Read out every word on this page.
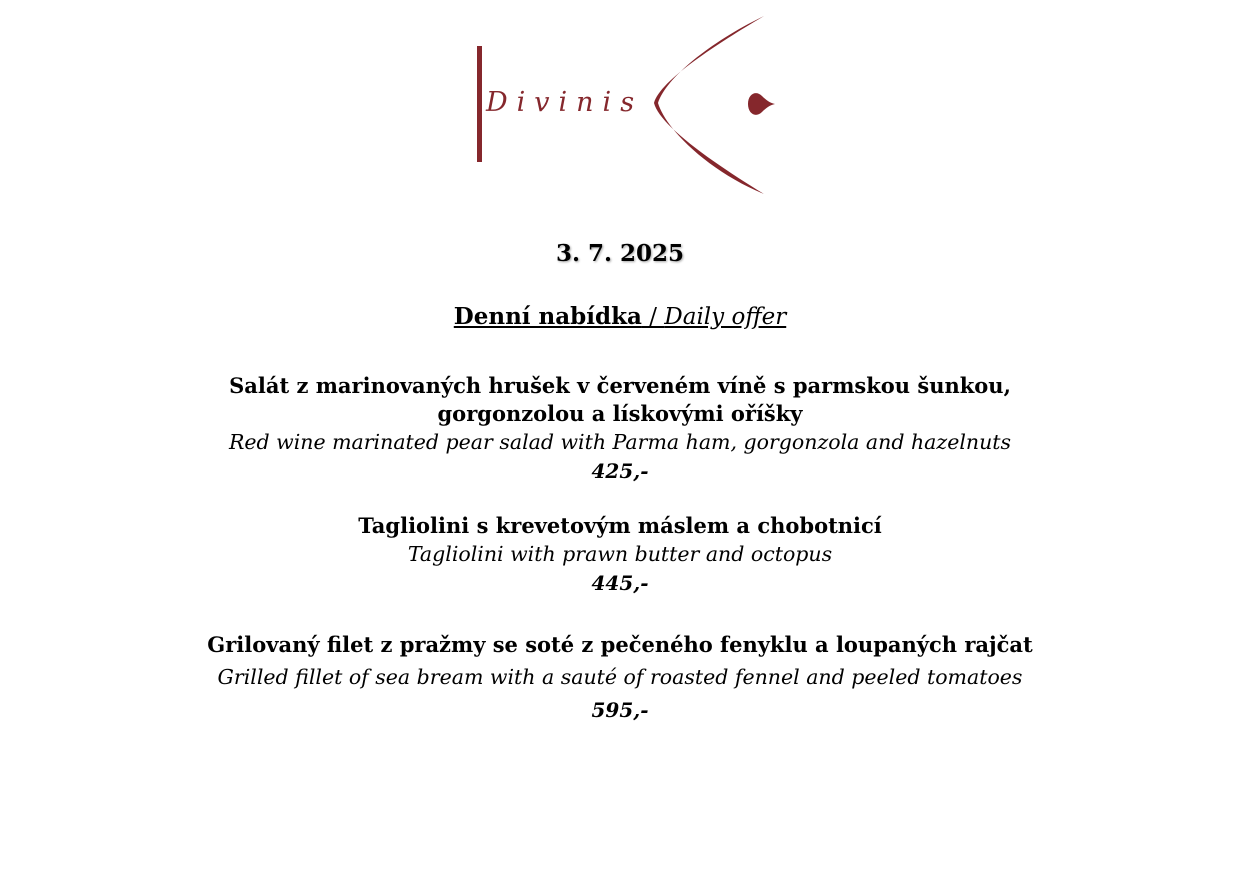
Divinis
3. 7. 2025
Denní nabídka / Daily offer
Salát z marinovaných hrušek v červeném víně s parmskou šunkou,
gorgonzolou a lískovými oříšky
Red wine marinated pear salad with Parma ham, gorgonzola and hazelnuts
425,-
Tagliolini s krevetovým máslem a chobotnicí
Tagliolini with prawn butter and octopus
445,-
Grilovaný filet z pražmy se soté z pečeného fenyklu a loupaných rajčat
Grilled fillet of sea bream with a sauté of roasted fennel and peeled tomatoes
595,-
